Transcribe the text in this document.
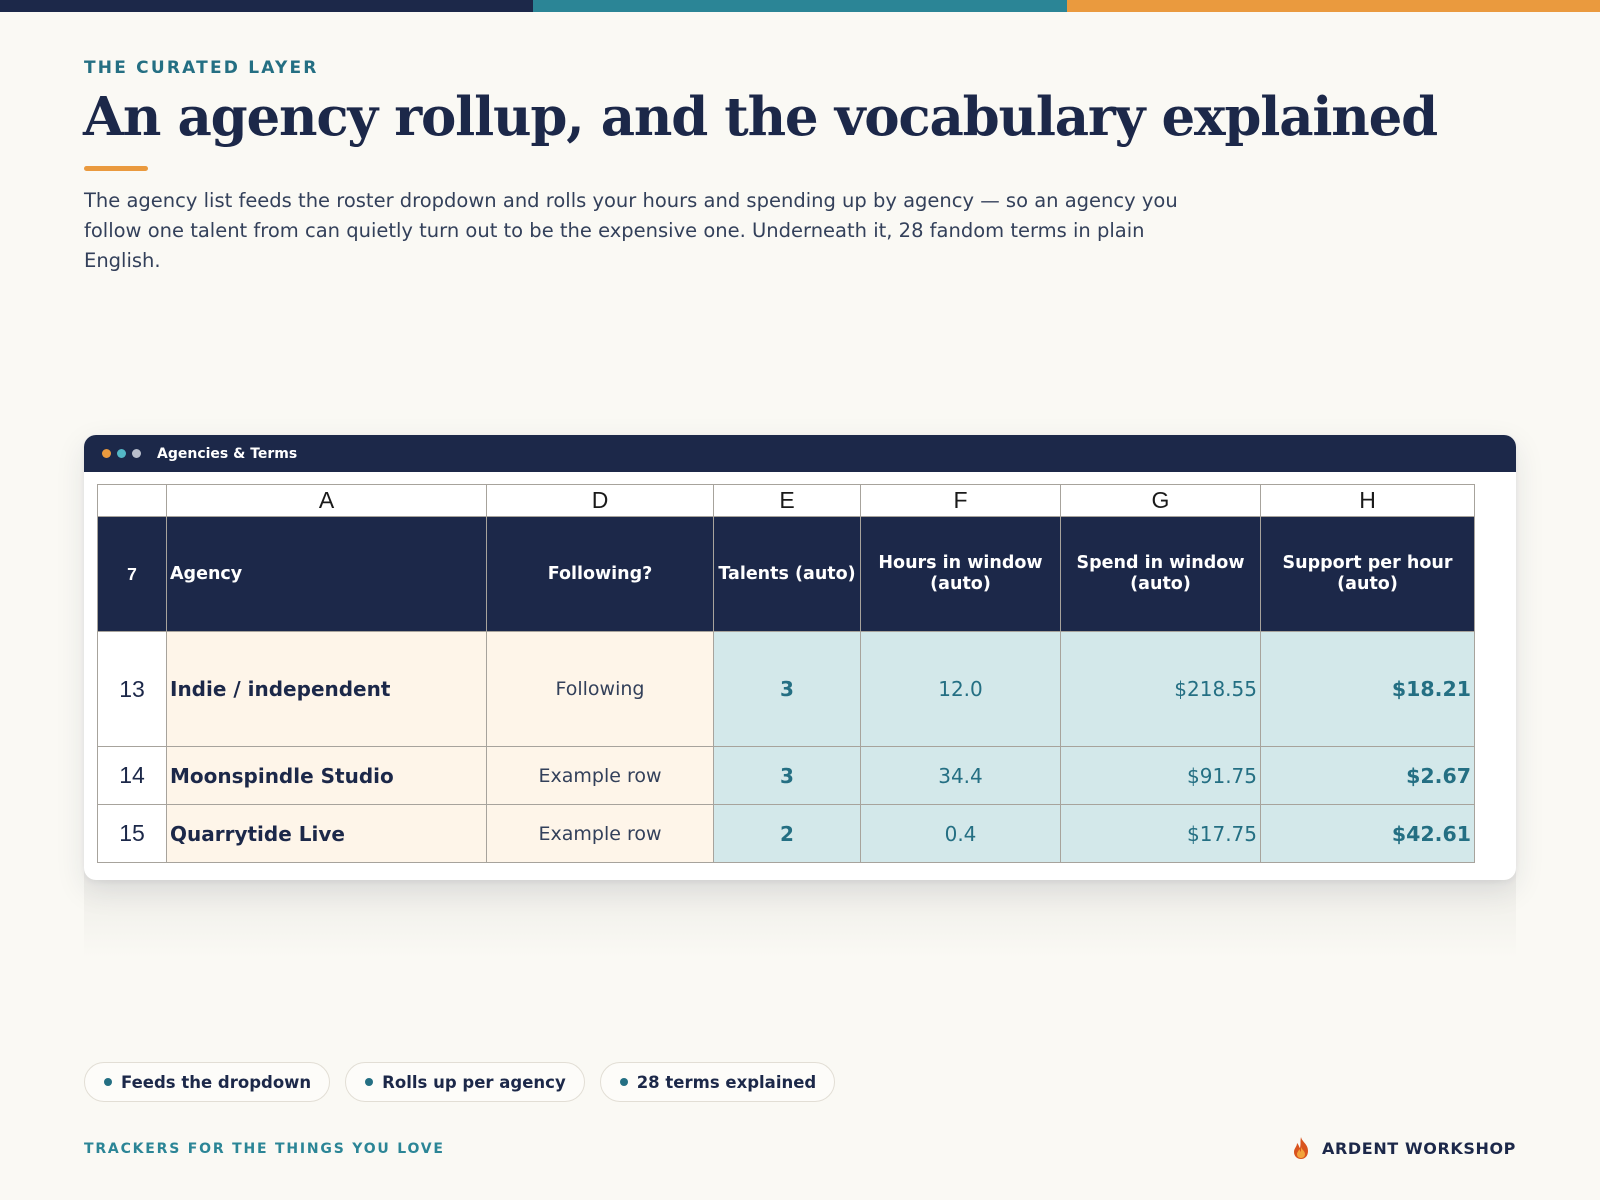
THE CURATED LAYER
An agency rollup, and the vocabulary explained

The agency list feeds the roster dropdown and rolls your hours and spending up by agency — so an agency you follow one talent from can quietly turn out to be the expensive one. Underneath it, 28 fandom terms in plain English.

Agencies & Terms
	A	D	E	F	G	H
7	Agency	Following?	Talents (auto)	Hours in window (auto)	Spend in window (auto)	Support per hour (auto)
13	Indie / independent	Following	3	12.0	$218.55	$18.21
14	Moonspindle Studio	Example row	3	34.4	$91.75	$2.67
15	Quarrytide Live	Example row	2	0.4	$17.75	$42.61
Feeds the dropdown	Rolls up per agency	28 terms explained
TRACKERS FOR THE THINGS YOU LOVE	ARDENT WORKSHOP
